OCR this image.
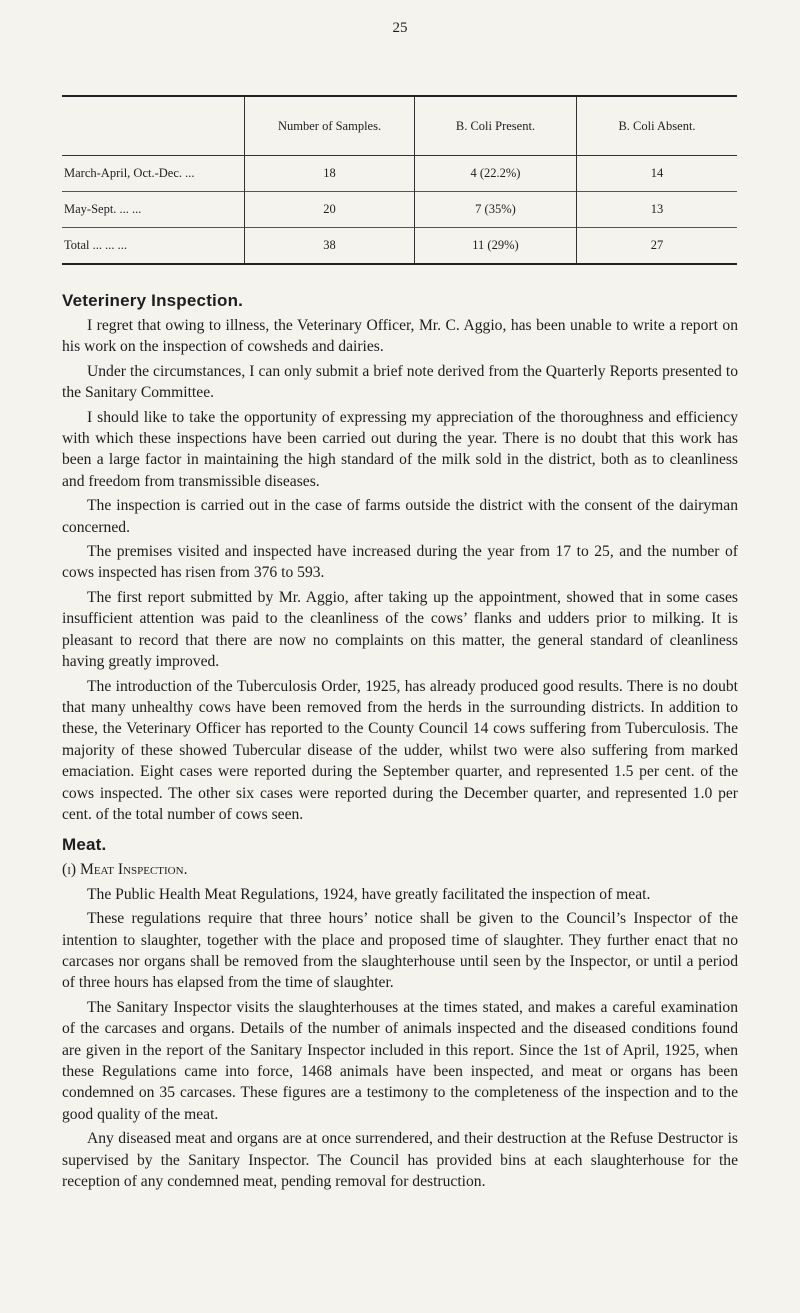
25
	Number of Samples.	B. Coli Present.	B. Coli Absent.
March-April, Oct.-Dec. ...	18	4 (22.2%)	14
May-Sept. ... ...	20	7 (35%)	13
Total ... ... ...	38	11 (29%)	27
Veterinery Inspection.

I regret that owing to illness, the Veterinary Officer, Mr. C. Aggio, has been unable to write a report on his work on the inspection of cowsheds and dairies.

Under the circumstances, I can only submit a brief note derived from the Quarterly Reports presented to the Sanitary Committee.

I should like to take the opportunity of expressing my appreciation of the thoroughness and efficiency with which these inspections have been carried out during the year. There is no doubt that this work has been a large factor in maintaining the high standard of the milk sold in the district, both as to cleanliness and freedom from transmissible diseases.

The inspection is carried out in the case of farms outside the district with the consent of the dairyman concerned.

The premises visited and inspected have increased during the year from 17 to 25, and the number of cows inspected has risen from 376 to 593.

The first report submitted by Mr. Aggio, after taking up the appointment, showed that in some cases insufficient attention was paid to the cleanliness of the cows’ flanks and udders prior to milking. It is pleasant to record that there are now no complaints on this matter, the general standard of cleanliness having greatly improved.

The introduction of the Tuberculosis Order, 1925, has already produced good results. There is no doubt that many unhealthy cows have been removed from the herds in the surrounding districts. In addition to these, the Veterinary Officer has reported to the County Council 14 cows suffering from Tuberculosis. The majority of these showed Tubercular disease of the udder, whilst two were also suffering from marked emaciation. Eight cases were reported during the September quarter, and represented 1.5 per cent. of the cows inspected. The other six cases were reported during the December quarter, and represented 1.0 per cent. of the total number of cows seen.

Meat.
(i) Meat Inspection.

The Public Health Meat Regulations, 1924, have greatly facilitated the inspection of meat.

These regulations require that three hours’ notice shall be given to the Council’s Inspector of the intention to slaughter, together with the place and proposed time of slaughter. They further enact that no carcases nor organs shall be removed from the slaughterhouse until seen by the Inspector, or until a period of three hours has elapsed from the time of slaughter.

The Sanitary Inspector visits the slaughterhouses at the times stated, and makes a careful examination of the carcases and organs. Details of the number of animals inspected and the diseased conditions found are given in the report of the Sanitary Inspector included in this report. Since the 1st of April, 1925, when these Regulations came into force, 1468 animals have been inspected, and meat or organs has been condemned on 35 carcases. These figures are a testimony to the completeness of the inspection and to the good quality of the meat.

Any diseased meat and organs are at once surrendered, and their destruction at the Refuse Destructor is supervised by the Sanitary Inspector. The Council has provided bins at each slaughterhouse for the reception of any condemned meat, pending removal for destruction.
